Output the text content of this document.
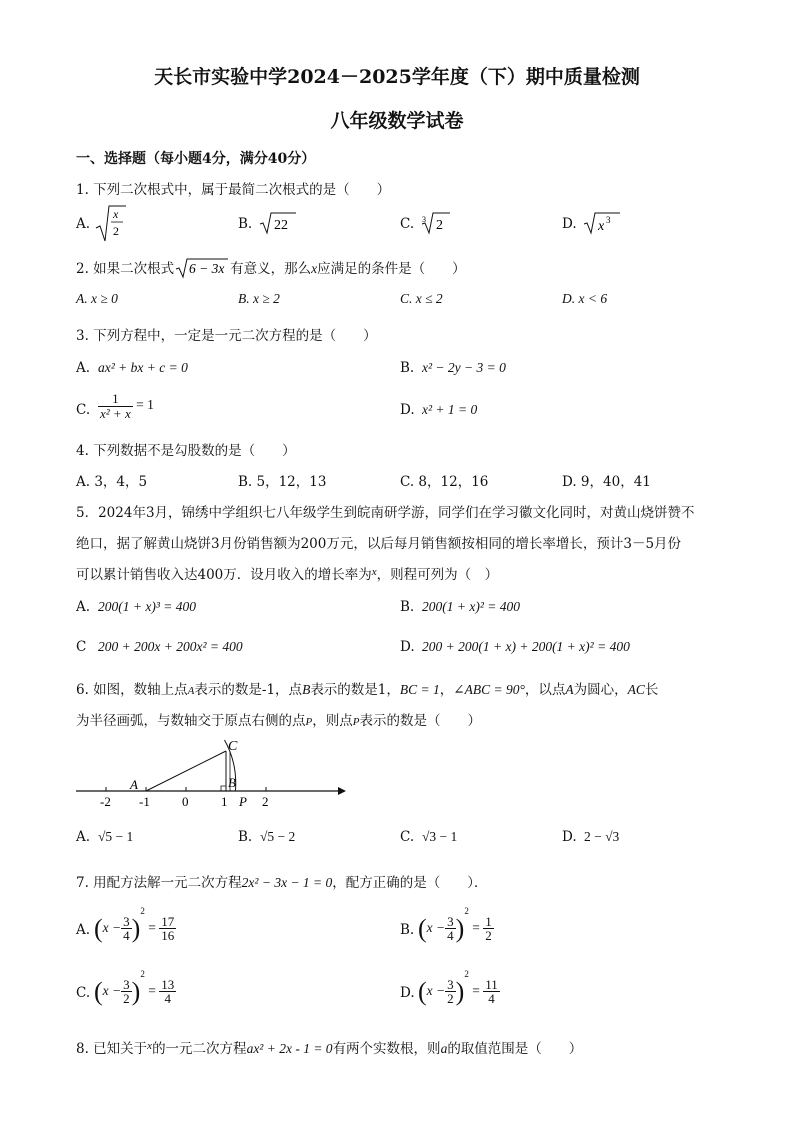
天长市实验中学2024－2025学年度（下）期中质量检测
八年级数学试卷
一、选择题（每小题4分，满分40分）
1. 下列二次根式中，属于最简二次根式的是（　　）
A.
x
2	B. 22	C. 3 2	D. x 3
2. 如果二次根式 6 − 3x 有意义，那么x应满足的条件是（　　）
A. x ≥ 0	B. x ≥ 2	C. x ≤ 2	D. x < 6
3. 下列方程中，一定是一元二次方程的是（　　）
A. ax² + bx + c = 0	B. x² − 2y − 3 = 0
C. $\frac{1}{\text{x² + x}} = 1$	D. x² + 1 = 0
4. 下列数据不是勾股数的是（　　）
A. 3，4，5	B. 5，12，13	C. 8，12，16	D. 9，40，41
5．2024年3月，锦绣中学组织七八年级学生到皖南研学游，同学们在学习徽文化同时，对黄山烧饼赞不
绝口，据了解黄山烧饼3月份销售额为200万元，以后每月销售额按相同的增长率增长，预计3－5月份
可以累计销售收入达400万．设月收入的增长率为$^x$，则程可列为（　）
A. 200(1 + x)³ = 400	B. 200(1 + x)² = 400
C 200 + 200x + 200x² = 400	D. 200 + 200(1 + x) + 200(1 + x)² = 400
6. 如图，数轴上点A表示的数是-1，点B表示的数是1，BC = 1，∠ABC = 90°，以点A为圆心，AC长
为半径画弧，与数轴交于原点右侧的点P，则点P表示的数是（　　）
A
C
B
P
-2 -1 0	1	2
A. √5 − 1	B. √5 − 2	C. √3 − 1	D. 2 − √3
7. 用配方法解一元二次方程2x² − 3x − 1 = 0，配方正确的是（　　）．
A. $(x - \frac{3}{4} )^2 = \frac{17}{16}$	B. $(x - \frac{3}{4} )^2 = \frac{1}{2}$
C. $(x - \frac{3}{2} )^2 = \frac{13}{4}$	D. $(x - \frac{3}{2} )^2 = \frac{11}{4}$
8. 已知关于$^x$的一元二次方程ax² + 2x - 1 = 0有两个实数根，则a的取值范围是（　　）
